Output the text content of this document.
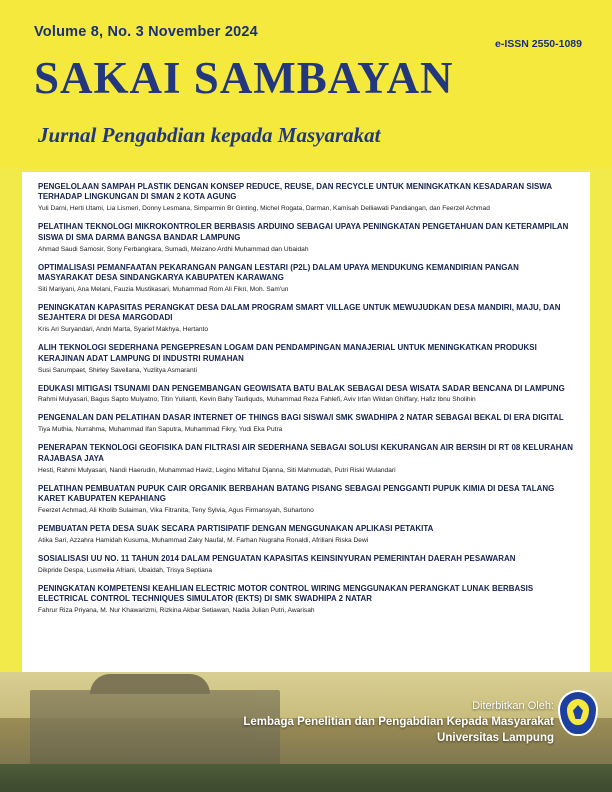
Volume 8, No. 3 November 2024
e-ISSN 2550-1089
SAKAI SAMBAYAN
Jurnal Pengabdian kepada Masyarakat
PENGELOLAAN SAMPAH PLASTIK DENGAN KONSEP REDUCE, REUSE, DAN RECYCLE UNTUK MENINGKATKAN KESADARAN SISWA TERHADAP LINGKUNGAN DI SMAN 2 KOTA AGUNG
Yuli Darni, Herti Utami, Lia Lismeri, Donny Lesmana, Simparmin Br Ginting, Michel Rogata, Darman, Kamisah Delliawati Pandiangan, dan Feerzel Achmad
PELATIHAN TEKNOLOGI MIKROKONTROLER BERBASIS ARDUINO SEBAGAI UPAYA PENINGKATAN PENGETAHUAN DAN KETERAMPILAN SISWA DI SMA DARMA BANGSA BANDAR LAMPUNG
Ahmad Saudi Samosir, Sony Ferbangkara, Sumadi, Meizano Ardhi Muhammad dan Ubaidah
OPTIMALISASI PEMANFAATAN PEKARANGAN PANGAN LESTARI (P2L) DALAM UPAYA MENDUKUNG KEMANDIRIAN PANGAN MASYARAKAT DESA SINDANGKARYA KABUPATEN KARAWANG
Siti Mariyani, Ana Melani, Fauzia Mustikasari, Muhammad Rom Ali Fikri, Moh. Sam'un
PENINGKATAN KAPASITAS PERANGKAT DESA DALAM PROGRAM SMART VILLAGE UNTUK MEWUJUDKAN DESA MANDIRI, MAJU, DAN SEJAHTERA DI DESA MARGODADI
Kris Ari Suryandari, Andri Marta, Syarief Makhya, Hertanto
ALIH TEKNOLOGI SEDERHANA PENGEPRESAN LOGAM DAN PENDAMPINGAN MANAJERIAL UNTUK MENINGKATKAN PRODUKSI KERAJINAN ADAT LAMPUNG DI INDUSTRI RUMAHAN
Susi Sarumpaet, Shirley Savellana, Yuzlitya Asmaranti
EDUKASI MITIGASI TSUNAMI DAN PENGEMBANGAN GEOWISATA BATU BALAK SEBAGAI DESA WISATA SADAR BENCANA DI LAMPUNG
Rahmi Mulyasari, Bagus Sapto Mulyatno, Titin Yulianti, Kevin Bahy Taufiquds, Muhammad Reza Fahlefi, Aviv Irfan Wildan Ghiffary, Hafiz Ibnu Sholihin
PENGENALAN DAN PELATIHAN DASAR INTERNET OF THINGS BAGI SISWA/I SMK SWADHIPA 2 NATAR SEBAGAI BEKAL DI ERA DIGITAL
Tiya Muthia, Nurrahma, Muhammad Ifan Saputra, Muhammad Fikry, Yudi Eka Putra
PENERAPAN TEKNOLOGI GEOFISIKA DAN FILTRASI AIR SEDERHANA SEBAGAI SOLUSI KEKURANGAN AIR BERSIH DI RT 08 KELURAHAN RAJABASA JAYA
Hesti, Rahmi Mulyasari, Nandi Haerudin, Muhammad Haviz, Legino Miftahul Djanna, Siti Mahmudah, Putri Riski Wulandari
PELATIHAN PEMBUATAN PUPUK CAIR ORGANIK BERBAHAN BATANG PISANG SEBAGAI PENGGANTI PUPUK KIMIA DI DESA TALANG KARET KABUPATEN KEPAHIANG
Feerzet Achmad, Ali Kholib Sulaiman, Vika Fitranita, Teny Sylvia, Agus Firmansyah, Suhartono
PEMBUATAN PETA DESA SUAK SECARA PARTISIPATIF DENGAN MENGGUNAKAN APLIKASI PETAKITA
Atika Sari, Azzahra Hamidah Kusuma, Muhammad Zaky Naufal, M. Farhan Nugraha Ronaldi, Afriliani Riska Dewi
SOSIALISASI UU NO. 11 TAHUN 2014 DALAM PENGUATAN KAPASITAS KEINSINYURAN PEMERINTAH DAERAH PESAWARAN
Dikpride Despa, Lusmeilia Afriani, Ubaidah, Trisya Septiana
PENINGKATAN KOMPETENSI KEAHLIAN ELECTRIC MOTOR CONTROL WIRING MENGGUNAKAN PERANGKAT LUNAK BERBASIS ELECTRICAL CONTROL TECHNIQUES SIMULATOR (EKTS) DI SMK SWADHIPA 2 NATAR
Fahrur Riza Priyana, M. Nur Khawarizmi, Rizkina Akbar Setiawan, Nadia Julian Putri, Awarisah
Diterbitkan Oleh:
Lembaga Penelitian dan Pengabdian Kepada Masyarakat
Universitas Lampung
